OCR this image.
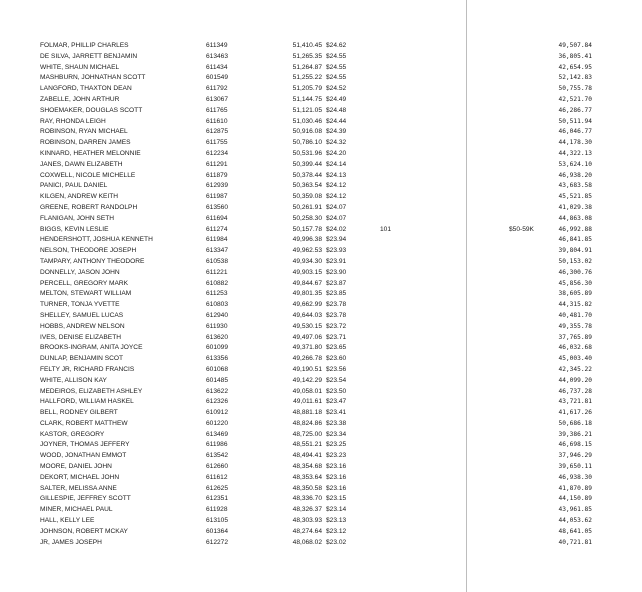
FOLMAR, PHILLIP CHARLES	611349	51,410.45 $24.62	49,507.84
DE SILVA, JARRETT BENJAMIN	613463	51,265.35 $24.55	36,805.41
WHITE, SHAUN MICHAEL	611434	51,264.87 $24.55	42,654.95
MASHBURN, JOHNATHAN SCOTT	601549	51,255.22 $24.55	52,142.83
LANGFORD, THAXTON DEAN	611792	51,205.79 $24.52	50,755.78
ZABELLE, JOHN ARTHUR	613067	51,144.75 $24.49	42,521.70
SHOEMAKER, DOUGLAS SCOTT	611765	51,121.05 $24.48	46,286.77
RAY, RHONDA LEIGH	611610	51,030.46 $24.44	50,511.94
ROBINSON, RYAN MICHAEL	612875	50,916.08 $24.39	46,046.77
ROBINSON, DARREN JAMES	611755	50,786.10 $24.32	44,178.30
KINNARD, HEATHER MELONNIE	612234	50,531.96 $24.20	44,322.13
JANES, DAWN ELIZABETH	611291	50,399.44 $24.14	53,624.10
COXWELL, NICOLE MICHELLE	611879	50,378.44 $24.13	46,938.20
PANICI, PAUL DANIEL	612939	50,363.54 $24.12	43,683.58
KILGEN, ANDREW KEITH	611987	50,359.08 $24.12	45,521.85
GREENE, ROBERT RANDOLPH	613560	50,261.91 $24.07	41,029.38
FLANIGAN, JOHN SETH	611694	50,258.30 $24.07	44,863.08
BIGGS, KEVIN LESLIE	611274	50,157.78 $24.02	101	$50-59K	46,992.88
HENDERSHOTT, JOSHUA KENNETH	611984	49,996.38 $23.94	46,841.85
NELSON, THEODORE JOSEPH	613347	49,962.53 $23.93	39,804.91
TAMPARY, ANTHONY THEODORE	610538	49,934.30 $23.91	50,153.02
DONNELLY, JASON JOHN	611221	49,903.15 $23.90	46,300.76
PERCELL, GREGORY MARK	610882	49,844.67 $23.87	45,856.30
MELTON, STEWART WILLIAM	611253	49,801.35 $23.85	38,605.89
TURNER, TONJA YVETTE	610803	49,662.99 $23.78	44,315.82
SHELLEY, SAMUEL LUCAS	612940	49,644.03 $23.78	40,481.70
HOBBS, ANDREW NELSON	611930	49,530.15 $23.72	49,355.78
IVES, DENISE ELIZABETH	613620	49,497.06 $23.71	37,765.89
BROOKS-INGRAM, ANITA JOYCE	601099	49,371.80 $23.65	46,032.68
DUNLAP, BENJAMIN SCOT	613356	49,266.78 $23.60	45,003.40
FELTY JR, RICHARD FRANCIS	601068	49,190.51 $23.56	42,345.22
WHITE, ALLISON KAY	601485	49,142.29 $23.54	44,099.20
MEDEIROS, ELIZABETH ASHLEY	613622	49,058.01 $23.50	46,737.28
HALLFORD, WILLIAM HASKEL	612326	49,011.61 $23.47	43,721.81
BELL, RODNEY GILBERT	610912	48,881.18 $23.41	41,617.26
CLARK, ROBERT MATTHEW	601220	48,824.86 $23.38	50,686.18
KASTOR, GREGORY	613469	48,725.00 $23.34	39,386.21
JOYNER, THOMAS JEFFERY	611986	48,551.21 $23.25	46,698.15
WOOD, JONATHAN EMMOT	613542	48,494.41 $23.23	37,946.29
MOORE, DANIEL JOHN	612660	48,354.68 $23.16	39,650.11
DEKORT, MICHAEL JOHN	611612	48,353.64 $23.16	46,938.30
SALTER, MELISSA ANNE	612625	48,350.58 $23.16	41,870.89
GILLESPIE, JEFFREY SCOTT	612351	48,336.70 $23.15	44,150.89
MINER, MICHAEL PAUL	611928	48,326.37 $23.14	43,961.85
HALL, KELLY LEE	613105	48,303.93 $23.13	44,053.62
JOHNSON, ROBERT MCKAY	601364	48,274.64 $23.12	48,641.05
JR, JAMES JOSEPH	612272	48,068.02 $23.02	40,721.81
